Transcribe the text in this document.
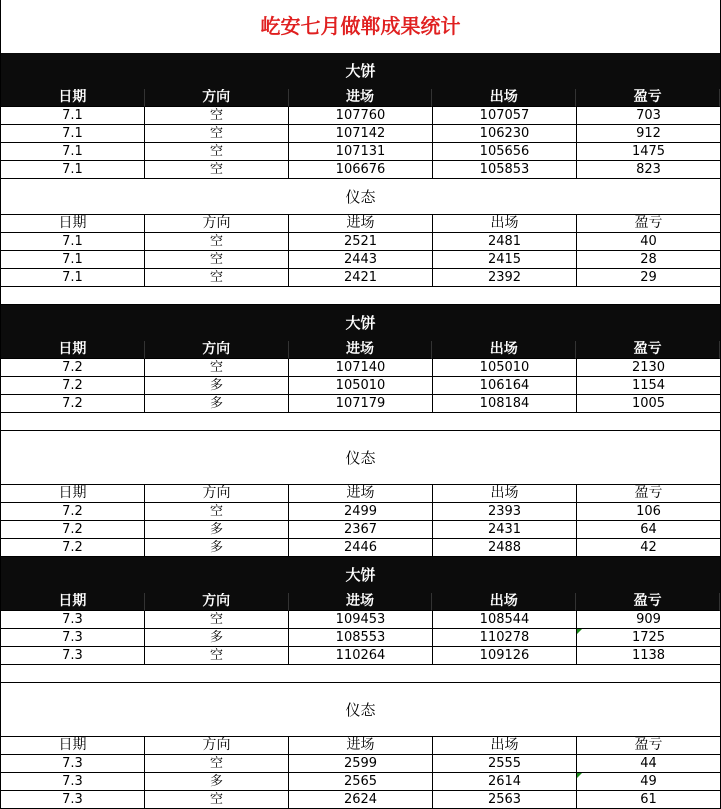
屹安七月做郸成果统计
大饼
日期	方向	进场	出场	盈亏
7.1	空	107760	107057	703
7.1	空	107142	106230	912
7.1	空	107131	105656	1475
7.1	空	106676	105853	823
仪态
日期	方向	进场	出场	盈亏
7.1	空	2521	2481	40
7.1	空	2443	2415	28
7.1	空	2421	2392	29
大饼
日期	方向	进场	出场	盈亏
7.2	空	107140	105010	2130
7.2	多	105010	106164	1154
7.2	多	107179	108184	1005
仪态
日期	方向	进场	出场	盈亏
7.2	空	2499	2393	106
7.2	多	2367	2431	64
7.2	多	2446	2488	42
大饼
日期	方向	进场	出场	盈亏
7.3	空	109453	108544	909
7.3	多	108553	110278	1725
7.3	空	110264	109126	1138
仪态
日期	方向	进场	出场	盈亏
7.3	空	2599	2555	44
7.3	多	2565	2614	49
7.3	空	2624	2563	61
